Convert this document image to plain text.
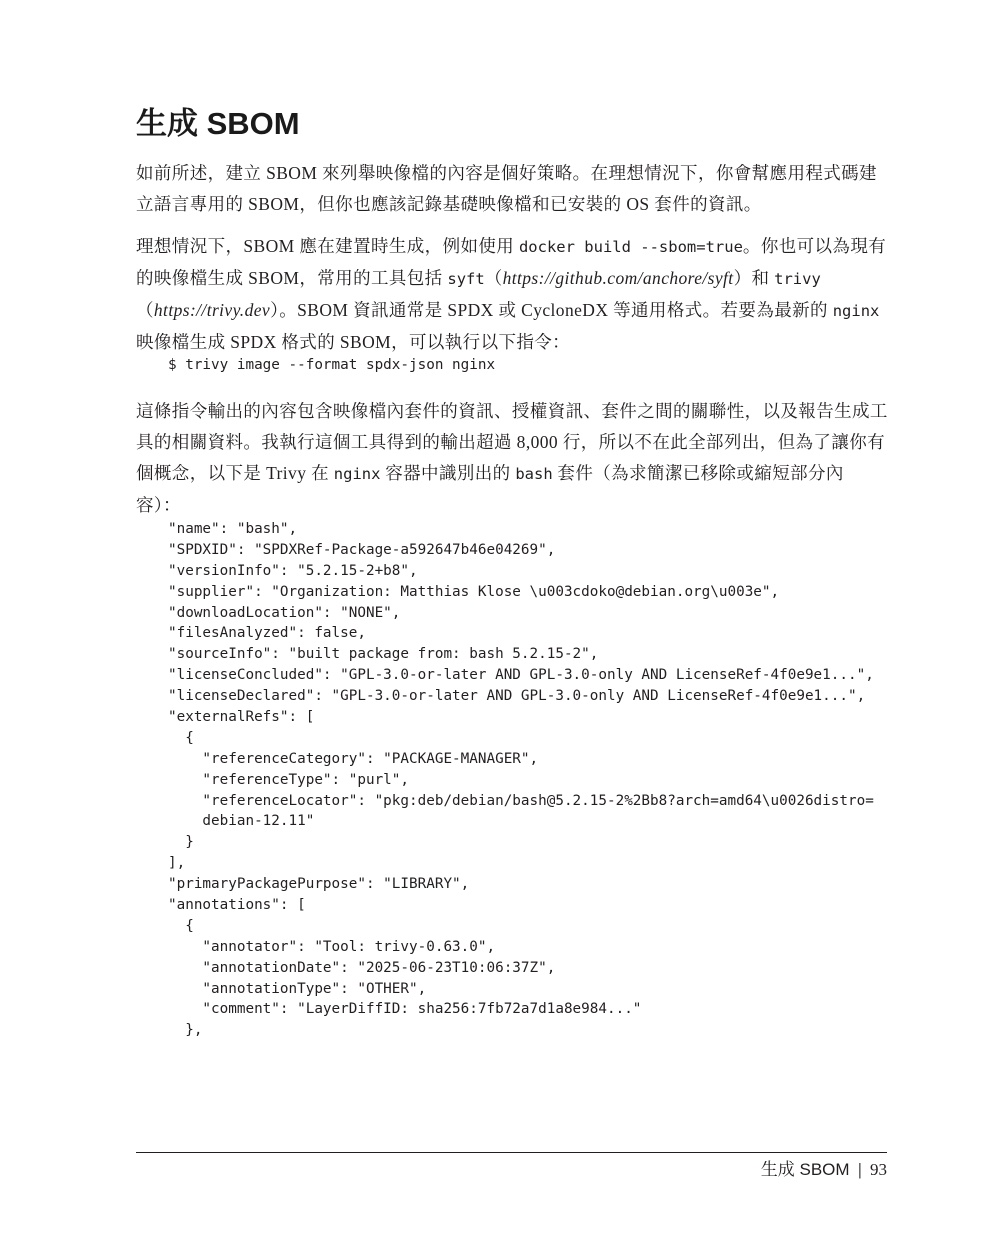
生成 SBOM
如前所述，建立 SBOM 來列舉映像檔的內容是個好策略。在理想情況下，你會幫應用程式碼建立語言專用的 SBOM，但你也應該記錄基礎映像檔和已安裝的 OS 套件的資訊。
理想情況下，SBOM 應在建置時生成，例如使用 docker build --sbom=true。你也可以為現有的映像檔生成 SBOM，常用的工具包括 syft（https://github.com/anchore/syft）和 trivy（https://trivy.dev）。SBOM 資訊通常是 SPDX 或 CycloneDX 等通用格式。若要為最新的 nginx 映像檔生成 SPDX 格式的 SBOM，可以執行以下指令：
$ trivy image --format spdx-json nginx
這條指令輸出的內容包含映像檔內套件的資訊、授權資訊、套件之間的關聯性，以及報告生成工具的相關資料。我執行這個工具得到的輸出超過 8,000 行，所以不在此全部列出，但為了讓你有個概念，以下是 Trivy 在 nginx 容器中識別出的 bash 套件（為求簡潔已移除或縮短部分內容）：
"name": "bash",
"SPDXID": "SPDXRef-Package-a592647b46e04269",
"versionInfo": "5.2.15-2+b8",
"supplier": "Organization: Matthias Klose \u003cdoko@debian.org\u003e",
"downloadLocation": "NONE",
"filesAnalyzed": false,
"sourceInfo": "built package from: bash 5.2.15-2",
"licenseConcluded": "GPL-3.0-or-later AND GPL-3.0-only AND LicenseRef-4f0e9e1...",
"licenseDeclared": "GPL-3.0-or-later AND GPL-3.0-only AND LicenseRef-4f0e9e1...",
"externalRefs": [
{
"referenceCategory": "PACKAGE-MANAGER",
"referenceType": "purl",
"referenceLocator": "pkg:deb/debian/bash@5.2.15-2%2Bb8?arch=amd64\u0026distro=
debian-12.11"
}
],
"primaryPackagePurpose": "LIBRARY",
"annotations": [
{
"annotator": "Tool: trivy-0.63.0",
"annotationDate": "2025-06-23T10:06:37Z",
"annotationType": "OTHER",
"comment": "LayerDiffID: sha256:7fb72a7d1a8e984..."
},
生成 SBOM | 93
